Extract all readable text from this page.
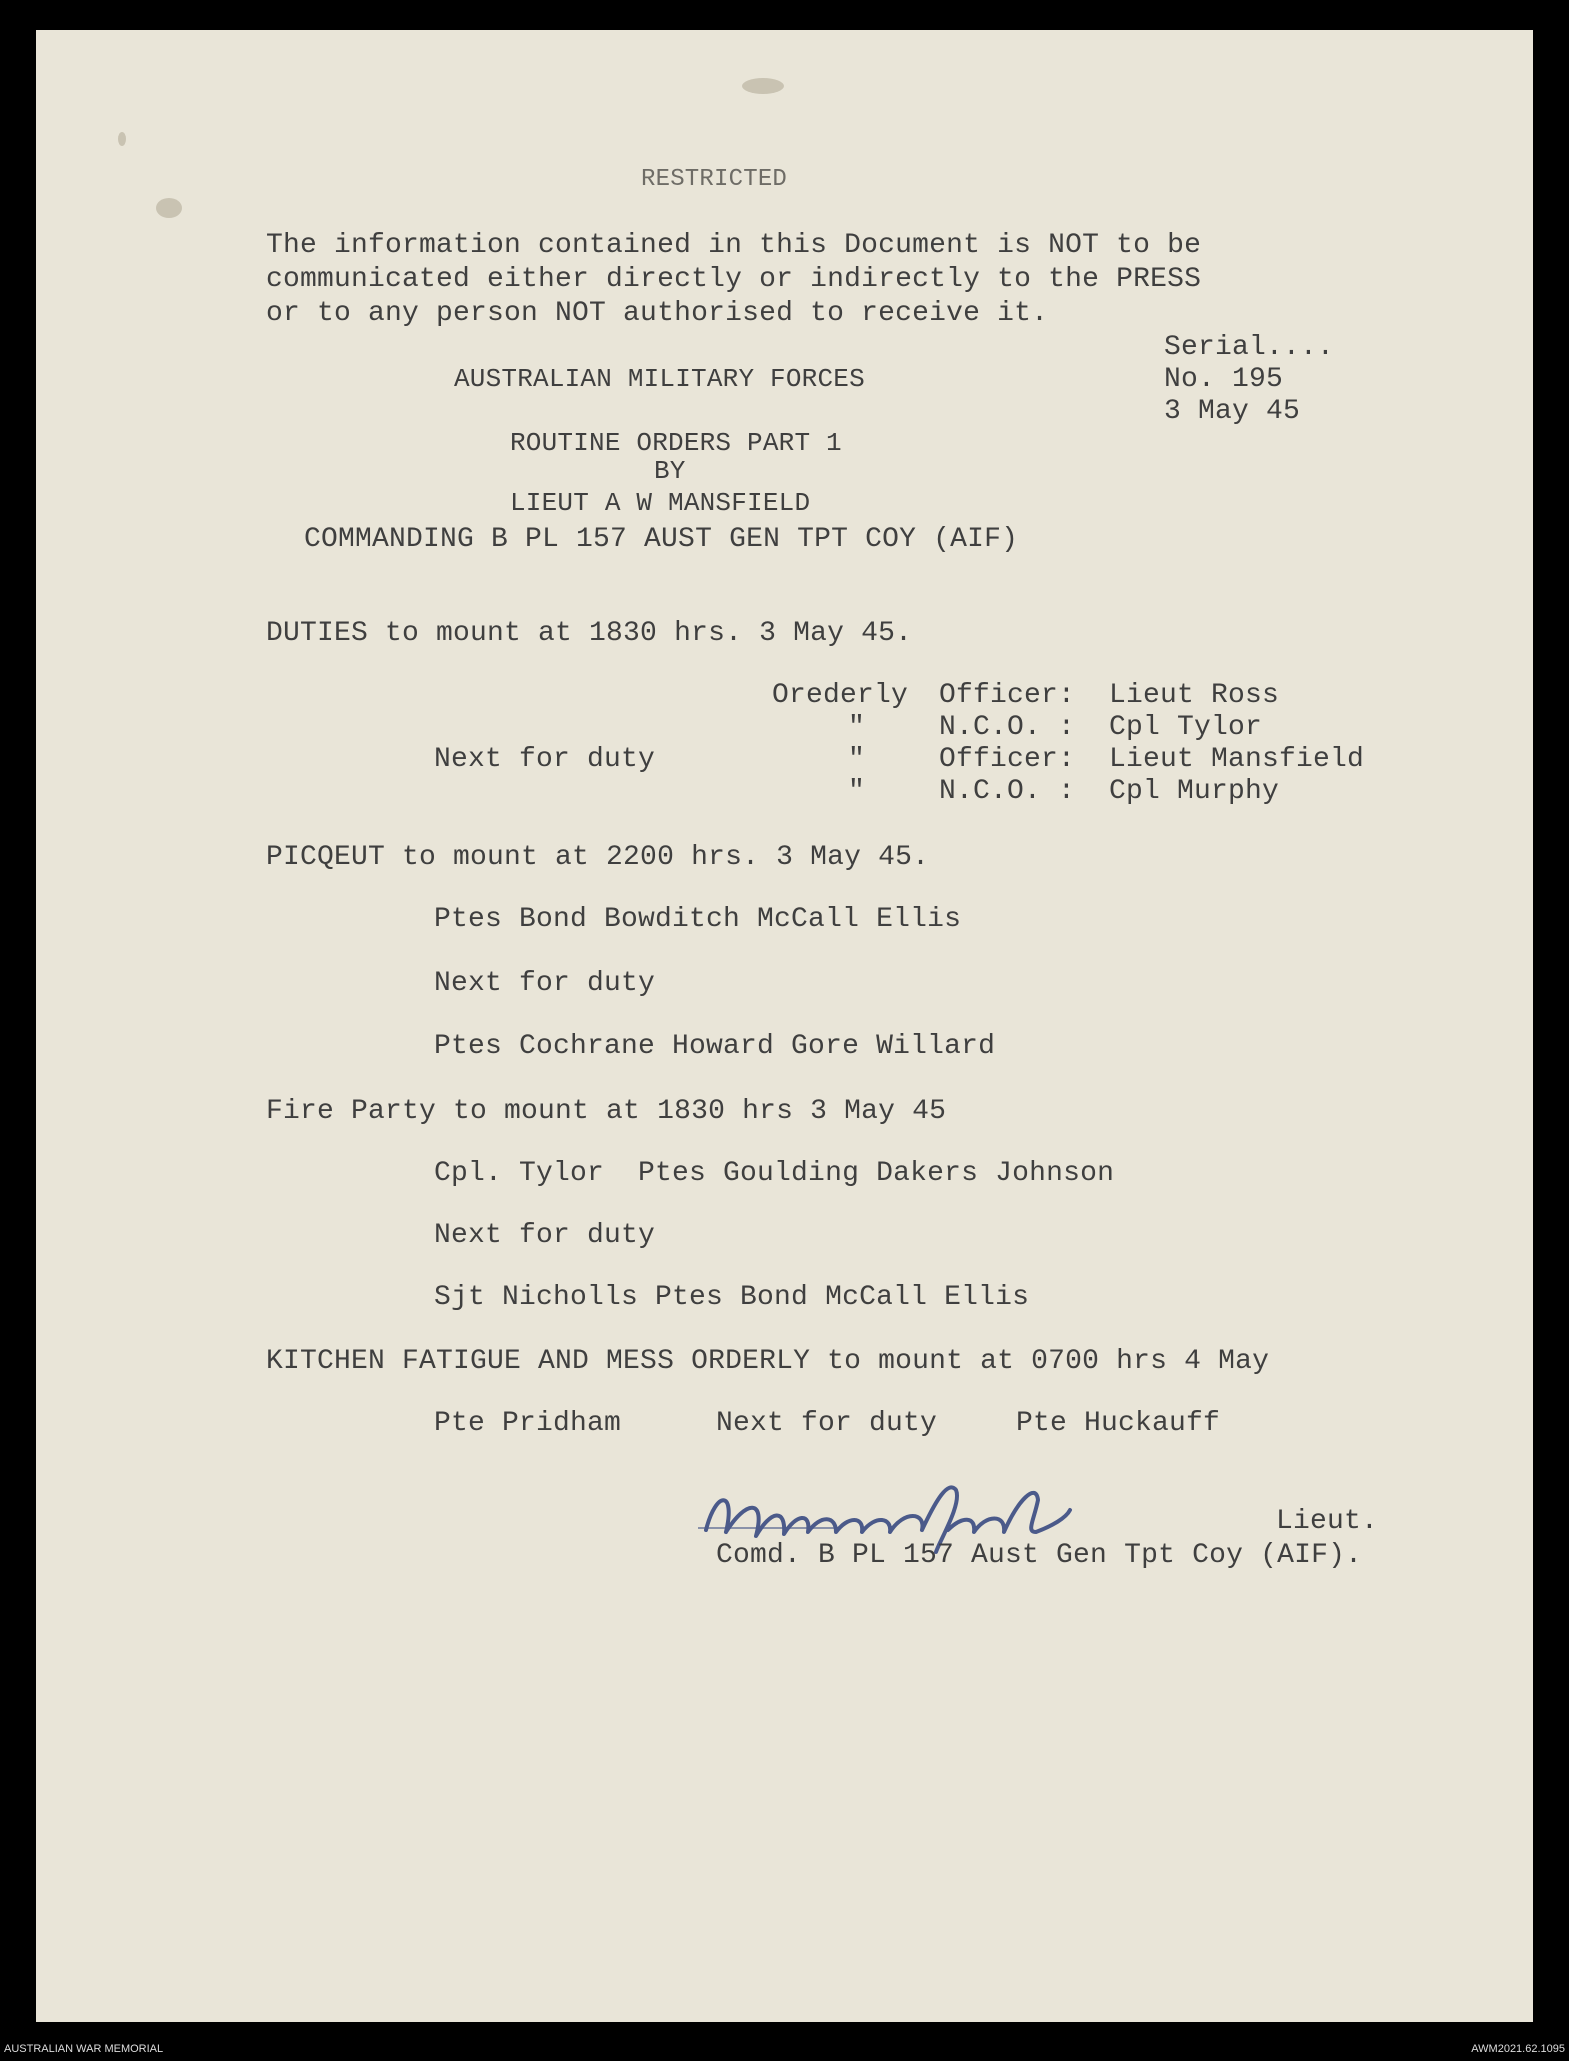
RESTRICTED
The information contained in this Document is NOT to be
communicated either directly or indirectly to the PRESS
or to any person NOT authorised to receive it.
Serial....
No. 195
3 May 45
AUSTRALIAN MILITARY FORCES
ROUTINE ORDERS PART 1
BY
LIEUT A W MANSFIELD
COMMANDING B PL 157 AUST GEN TPT COY (AIF)
DUTIES to mount at 1830 hrs. 3 May 45.
Orederly Officer: Lieut Ross
"	N.C.O. : Cpl Tylor
Next for duty	"	Officer: Lieut Mansfield
"	N.C.O. : Cpl Murphy
PICQEUT to mount at 2200 hrs. 3 May 45.
Ptes Bond Bowditch McCall Ellis
Next for duty
Ptes Cochrane Howard Gore Willard
Fire Party to mount at 1830 hrs 3 May 45
Cpl. Tylor  Ptes Goulding Dakers Johnson
Next for duty
Sjt Nicholls Ptes Bond McCall Ellis
KITCHEN FATIGUE AND MESS ORDERLY to mount at 0700 hrs 4 May
Pte Pridham	Next for duty	Pte Huckauff
Lieut.
Comd. B PL 157 Aust Gen Tpt Coy (AIF).
AUSTRALIAN WAR MEMORIAL	AWM2021.62.1095
